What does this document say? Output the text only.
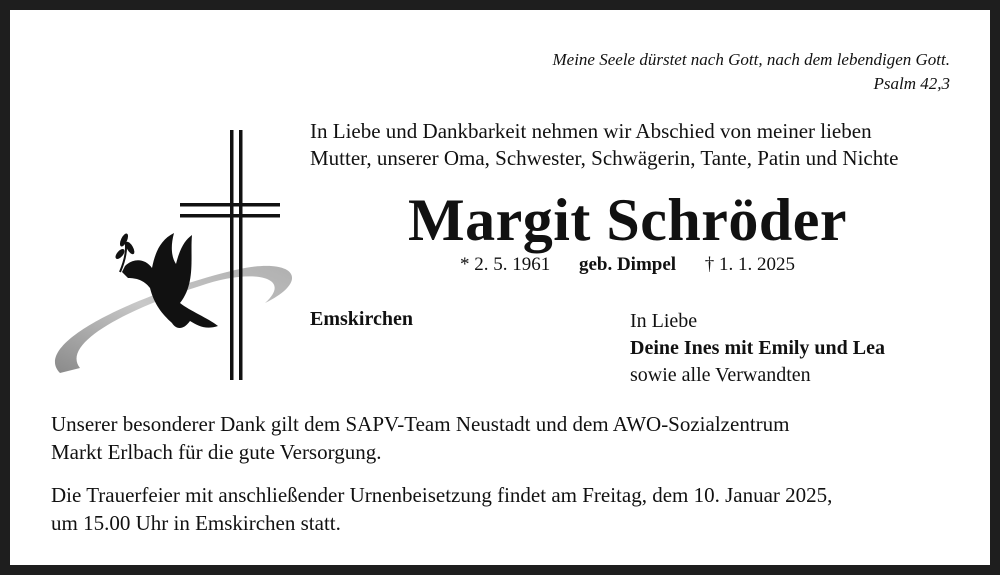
Meine Seele dürstet nach Gott, nach dem lebendigen Gott.
Psalm 42,3
In Liebe und Dankbarkeit nehmen wir Abschied von meiner lieben
Mutter, unserer Oma, Schwester, Schwägerin, Tante, Patin und Nichte
Margit Schröder
* 2. 5. 1961 geb. Dimpel † 1. 1. 2025
Emskirchen	In Liebe
Deine Ines mit Emily und Lea
sowie alle Verwandten
Unserer besonderer Dank gilt dem SAPV-Team Neustadt und dem AWO-Sozialzentrum
Markt Erlbach für die gute Versorgung.
Die Trauerfeier mit anschließender Urnenbeisetzung findet am Freitag, dem 10. Januar 2025,
um 15.00 Uhr in Emskirchen statt.
